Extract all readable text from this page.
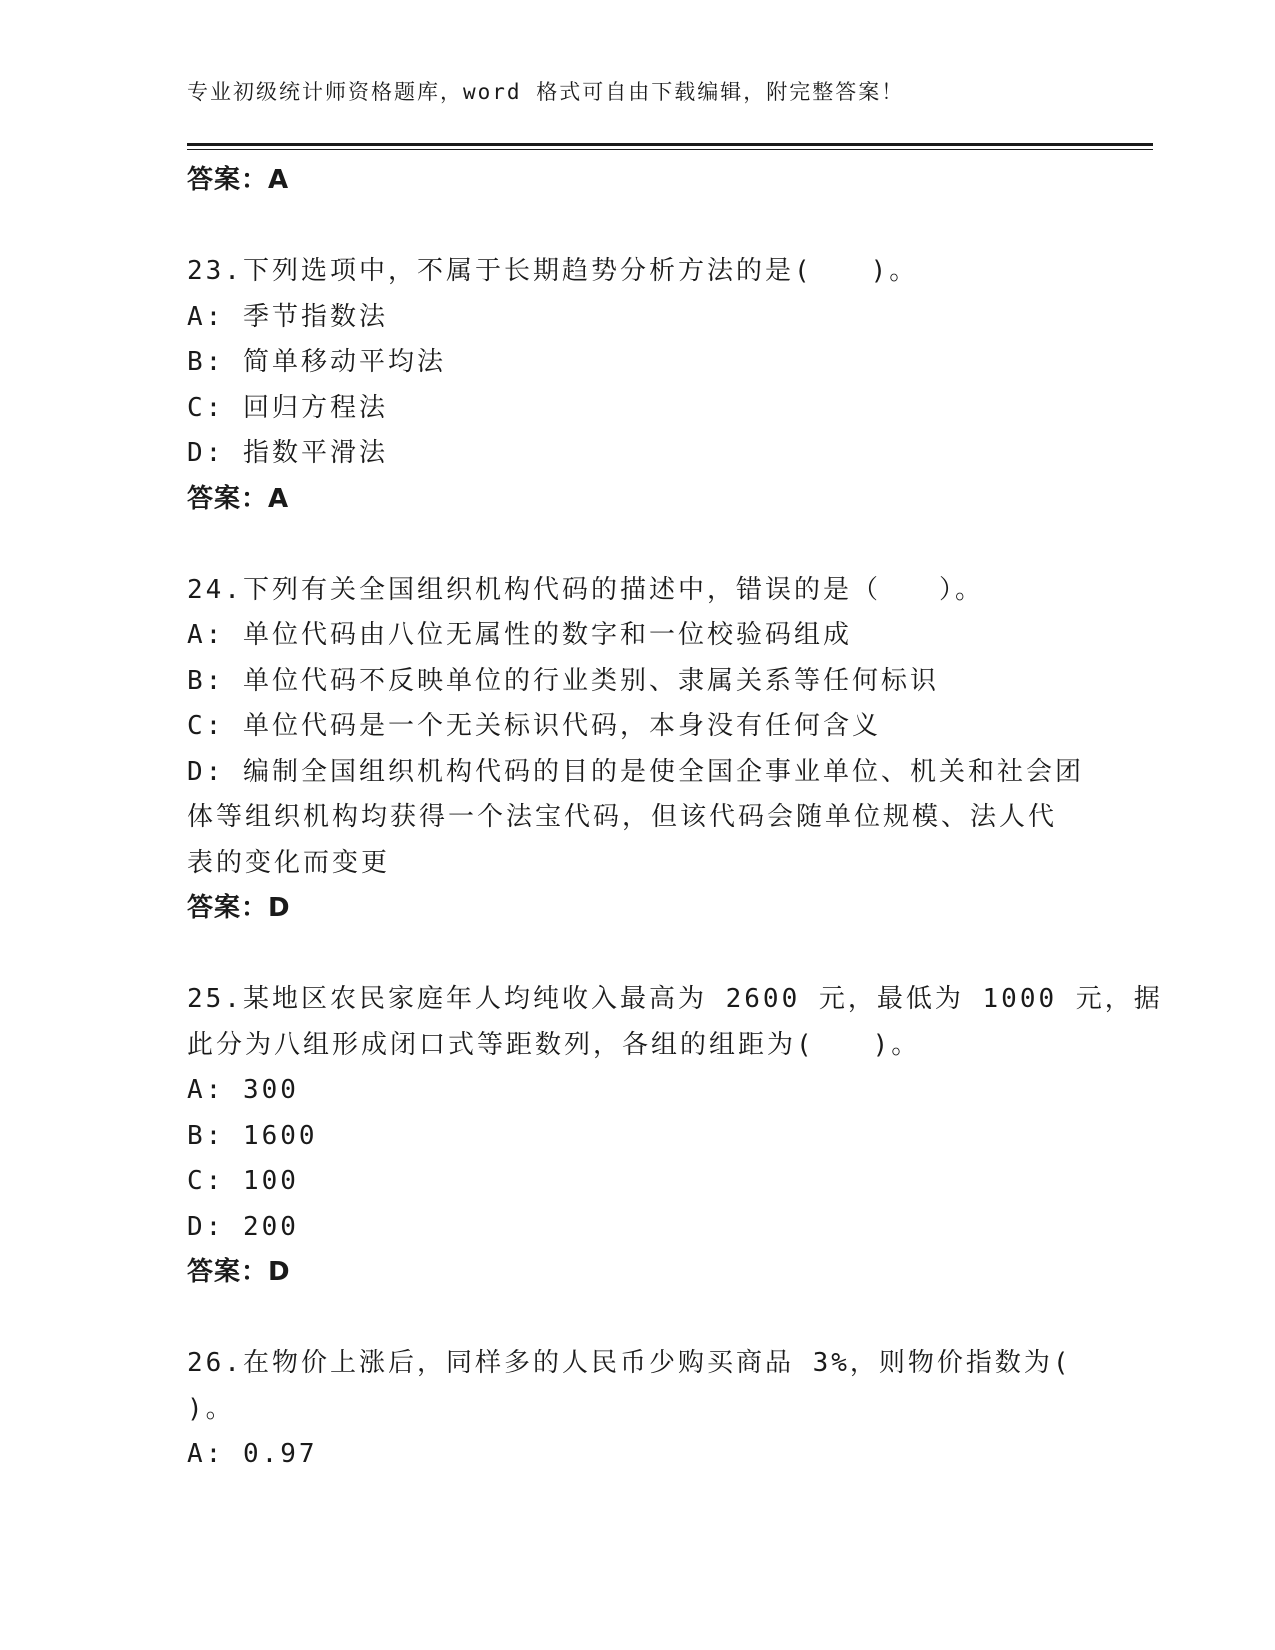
专业初级统计师资格题库，word 格式可自由下载编辑，附完整答案！
答案：A
23.下列选项中，不属于长期趋势分析方法的是(　　)。
A: 季节指数法
B: 简单移动平均法
C: 回归方程法
D: 指数平滑法
答案：A
24.下列有关全国组织机构代码的描述中，错误的是（　　）。
A: 单位代码由八位无属性的数字和一位校验码组成
B: 单位代码不反映单位的行业类别、隶属关系等任何标识
C: 单位代码是一个无关标识代码，本身没有任何含义
D: 编制全国组织机构代码的目的是使全国企事业单位、机关和社会团
体等组织机构均获得一个法宝代码，但该代码会随单位规模、法人代
表的变化而变更
答案：D
25.某地区农民家庭年人均纯收入最高为 2600 元，最低为 1000 元，据
此分为八组形成闭口式等距数列，各组的组距为(　　)。
A: 300
B: 1600
C: 100
D: 200
答案：D
26.在物价上涨后，同样多的人民币少购买商品 3%，则物价指数为(
)。
A: 0.97
